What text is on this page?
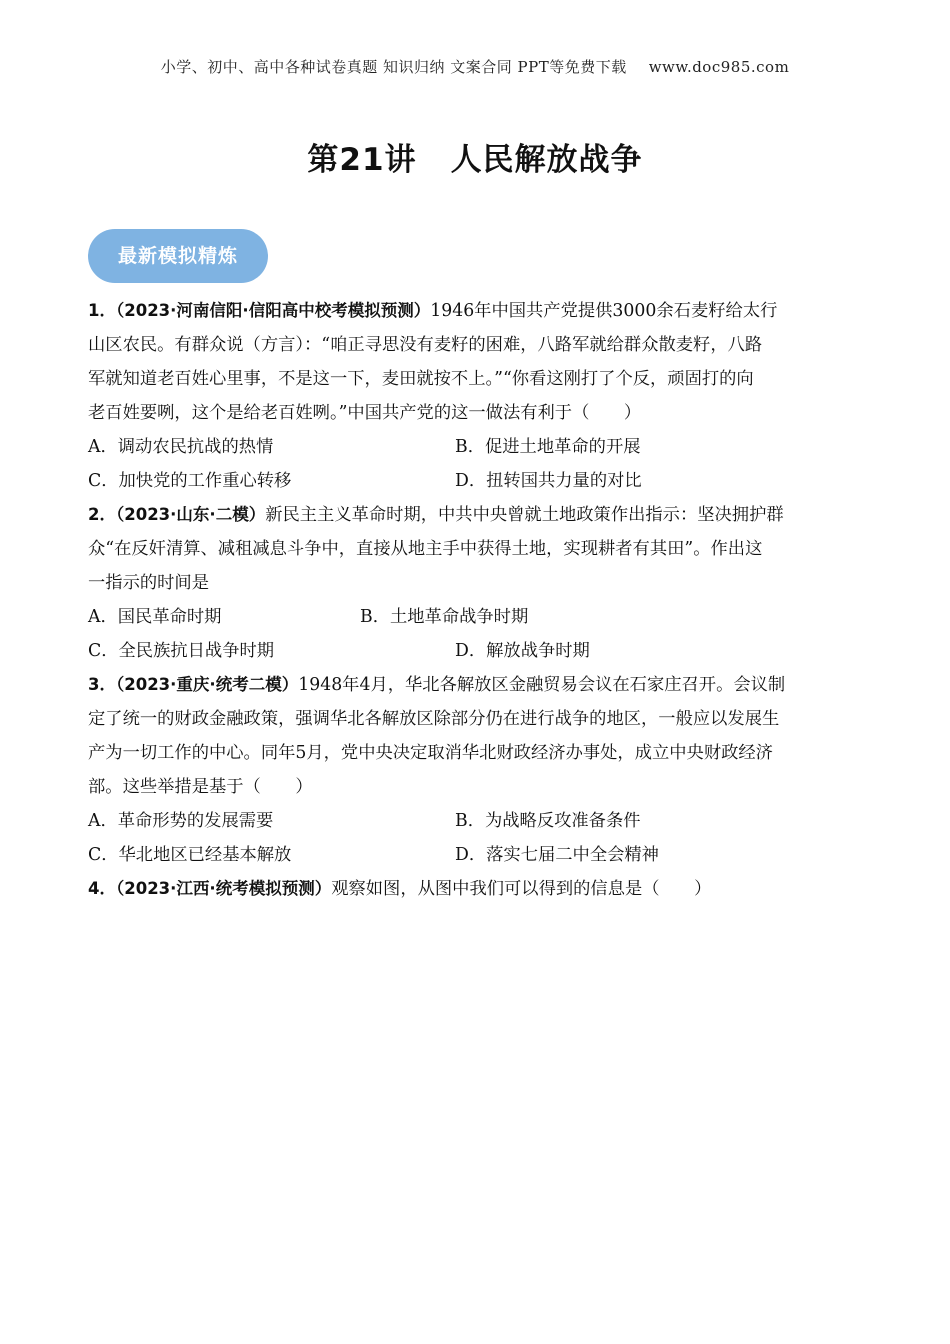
小学、初中、高中各种试卷真题 知识归纳 文案合同 PPT等免费下载 www.doc985.com
第21讲 人民解放战争
最新模拟精炼
1．（2023·河南信阳·信阳高中校考模拟预测）1946年中国共产党提供3000余石麦籽给太行
山区农民。有群众说（方言）：“咱正寻思没有麦籽的困难，八路军就给群众散麦籽，八路
军就知道老百姓心里事，不是这一下，麦田就按不上。”“你看这刚打了个反，顽固打的向
老百姓要咧，这个是给老百姓咧。”中国共产党的这一做法有利于（　　）
A．调动农民抗战的热情	B．促进土地革命的开展
C．加快党的工作重心转移	D．扭转国共力量的对比
2．（2023·山东·二模）新民主主义革命时期，中共中央曾就土地政策作出指示：坚决拥护群
众“在反奸清算、减租减息斗争中，直接从地主手中获得土地，实现耕者有其田”。作出这
一指示的时间是
A．国民革命时期	B．土地革命战争时期
C．全民族抗日战争时期	D．解放战争时期
3．（2023·重庆·统考二模）1948年4月，华北各解放区金融贸易会议在石家庄召开。会议制
定了统一的财政金融政策，强调华北各解放区除部分仍在进行战争的地区，一般应以发展生
产为一切工作的中心。同年5月，党中央决定取消华北财政经济办事处，成立中央财政经济
部。这些举措是基于（　　）
A．革命形势的发展需要	B．为战略反攻准备条件
C．华北地区已经基本解放	D．落实七届二中全会精神
4．（2023·江西·统考模拟预测）观察如图，从图中我们可以得到的信息是（　　）
